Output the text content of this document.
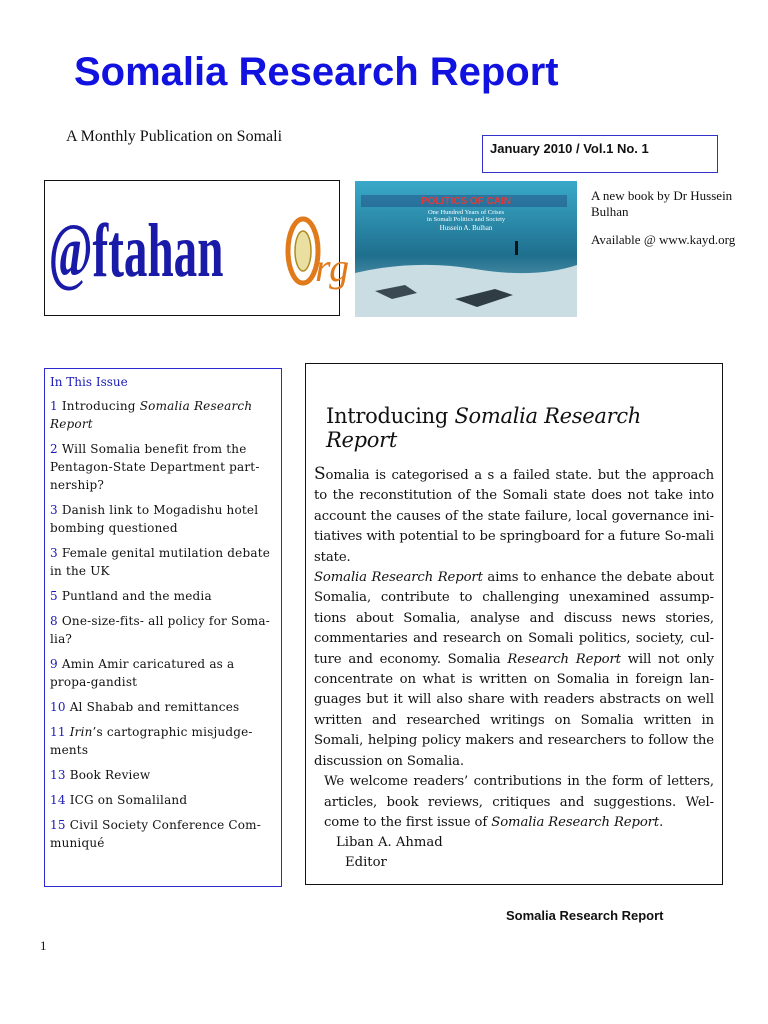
Somalia Research Report
A Monthly Publication on Somali
January 2010 / Vol.1 No. 1
@ftahan rg
POLITICS OF CAIN
One Hundred Years of Crises
in Somali Politics and Society
Hussein A. Bulhan

A new book by Dr Hussein Bulhan

Available @ www.kayd.org

In This Issue
1 Introducing Somalia Research Report
2 Will Somalia benefit from the Pentagon-State Department part-nership?
3 Danish link to Mogadishu hotel bombing questioned
3 Female genital mutilation debate in the UK
5 Puntland and the media
8 One-size-fits- all policy for Soma-lia?
9 Amin Amir caricatured as a propa-gandist
10 Al Shabab and remittances
11 Irin’s cartographic misjudge-ments
13 Book Review
14 ICG on Somaliland
15 Civil Society Conference Com-muniqué
Introducing Somalia Research Report

Somalia is categorised a s a failed state. but the approach to the reconstitution of the Somali state does not take into account the causes of the state failure, local governance ini-tiatives with potential to be springboard for a future So-mali state.

Somalia Research Report aims to enhance the debate about Somalia, contribute to challenging unexamined assump-tions about Somalia, analyse and discuss news stories, commentaries and research on Somali politics, society, cul-ture and economy. Somalia Research Report will not only concentrate on what is written on Somalia in foreign lan-guages but it will also share with readers abstracts on well written and researched writings on Somalia written in Somali, helping policy makers and researchers to follow the discussion on Somalia.

We welcome readers’ contributions in the form of letters, articles, book reviews, critiques and suggestions. Wel-come to the first issue of Somalia Research Report.

Liban A. Ahmad

Editor

Somalia Research Report
1
